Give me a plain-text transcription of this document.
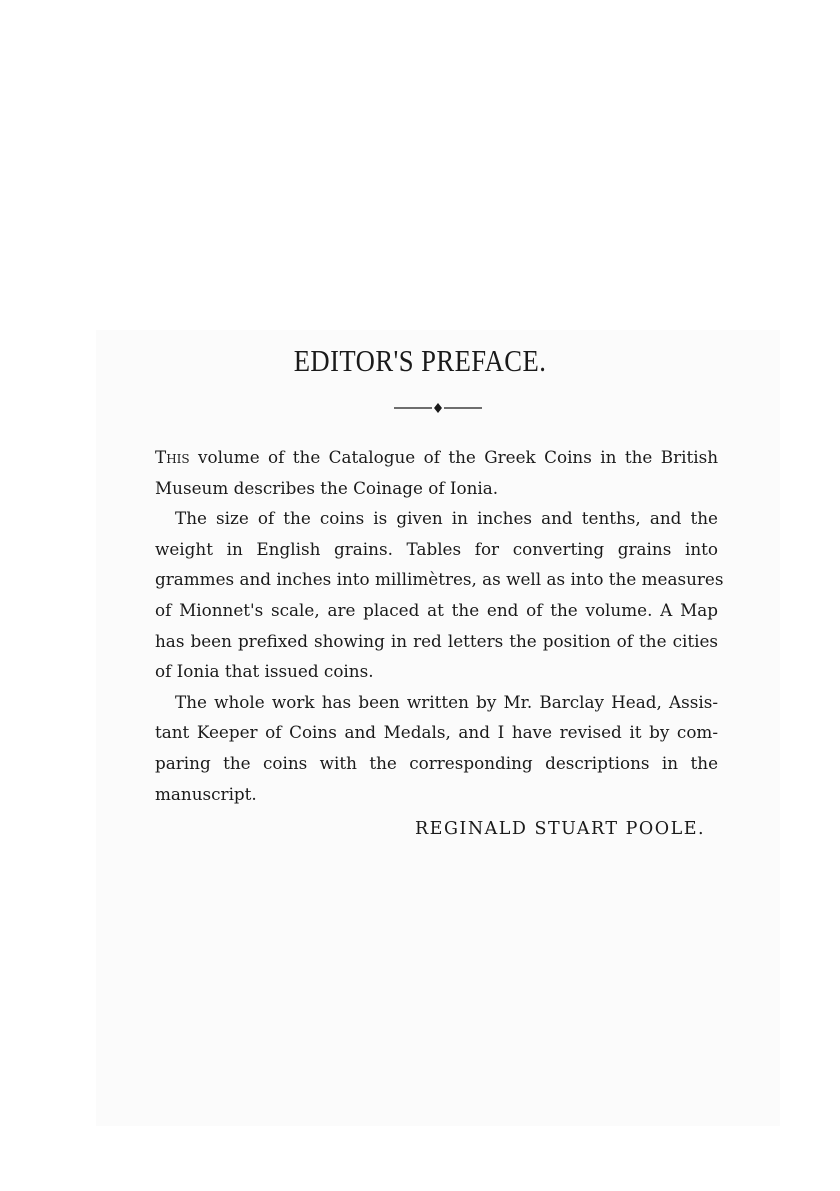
EDITOR'S PREFACE.

This volume of the Catalogue of the Greek Coins in the British
Museum describes the Coinage of Ionia.

The size of the coins is given in inches and tenths, and the
weight in English grains. Tables for converting grains into
grammes and inches into millimètres, as well as into the measures
of Mionnet's scale, are placed at the end of the volume. A Map
has been prefixed showing in red letters the position of the cities
of Ionia that issued coins.

The whole work has been written by Mr. Barclay Head, Assis-
tant Keeper of Coins and Medals, and I have revised it by com-
paring the coins with the corresponding descriptions in the
manuscript.

REGINALD STUART POOLE.
